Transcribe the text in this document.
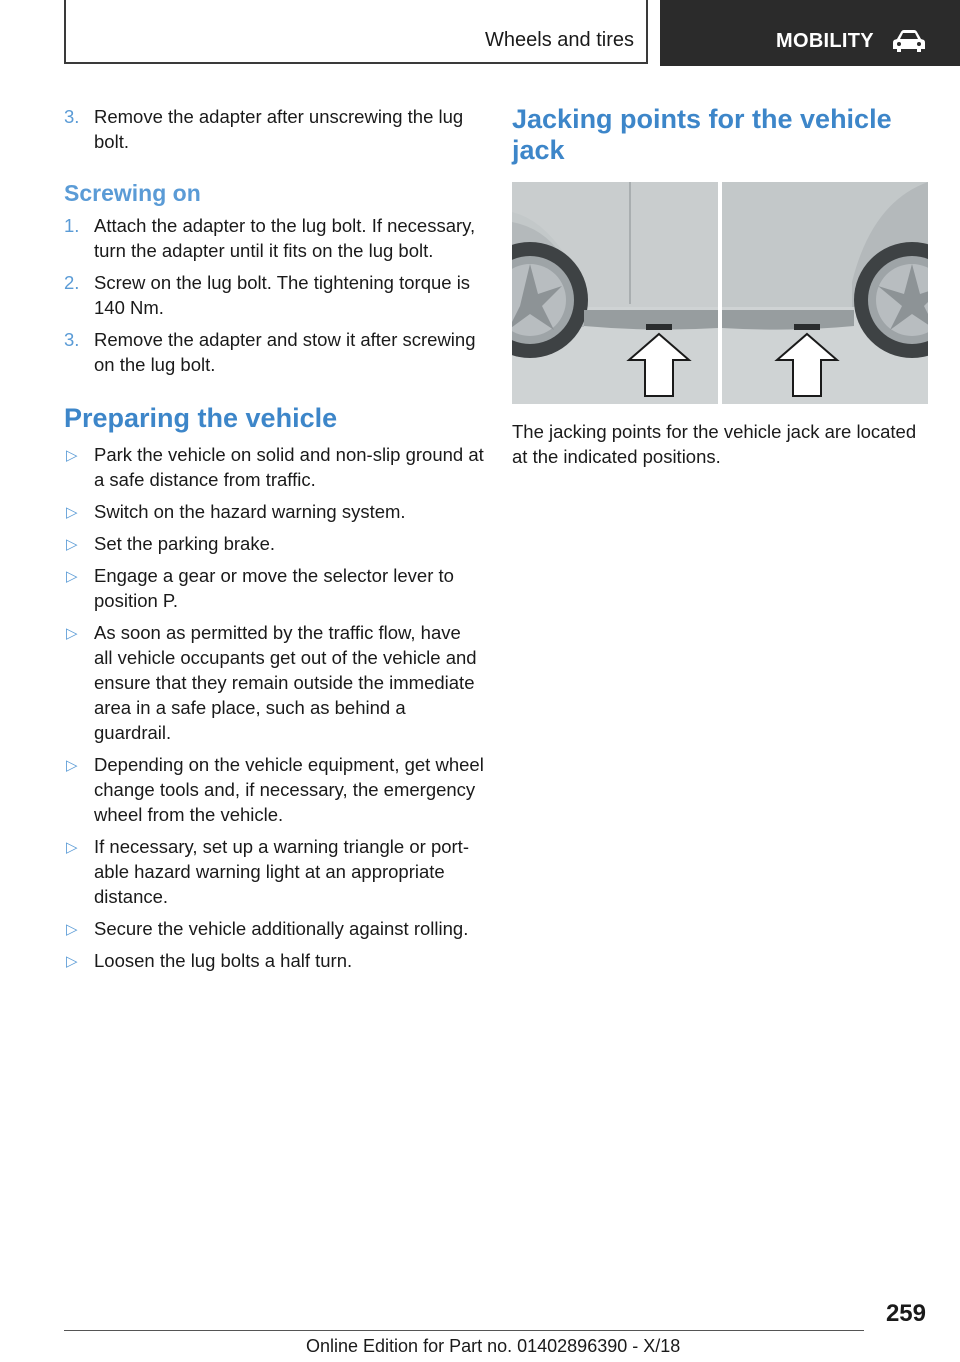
Wheels and tires	MOBILITY
3. Remove the adapter after unscrewing the lug bolt.
Screwing on
1. Attach the adapter to the lug bolt. If necessary, turn the adapter until it fits on the lug bolt.
2. Screw on the lug bolt. The tightening torque is 140 Nm.
3. Remove the adapter and stow it after screwing on the lug bolt.
Preparing the vehicle
▷ Park the vehicle on solid and non-slip ground at a safe distance from traffic.
▷ Switch on the hazard warning system.
▷ Set the parking brake.
▷ Engage a gear or move the selector lever to position P.
▷ As soon as permitted by the traffic flow, have all vehicle occupants get out of the vehicle and ensure that they remain outside the immediate area in a safe place, such as behind a guardrail.
▷ Depending on the vehicle equipment, get wheel change tools and, if necessary, the emergency wheel from the vehicle.
▷ If necessary, set up a warning triangle or portable hazard warning light at an appropriate distance.
▷ Secure the vehicle additionally against rolling.
▷ Loosen the lug bolts a half turn.
Jacking points for the vehicle jack
The jacking points for the vehicle jack are located at the indicated positions.
259
Online Edition for Part no. 01402896390 - X/18
